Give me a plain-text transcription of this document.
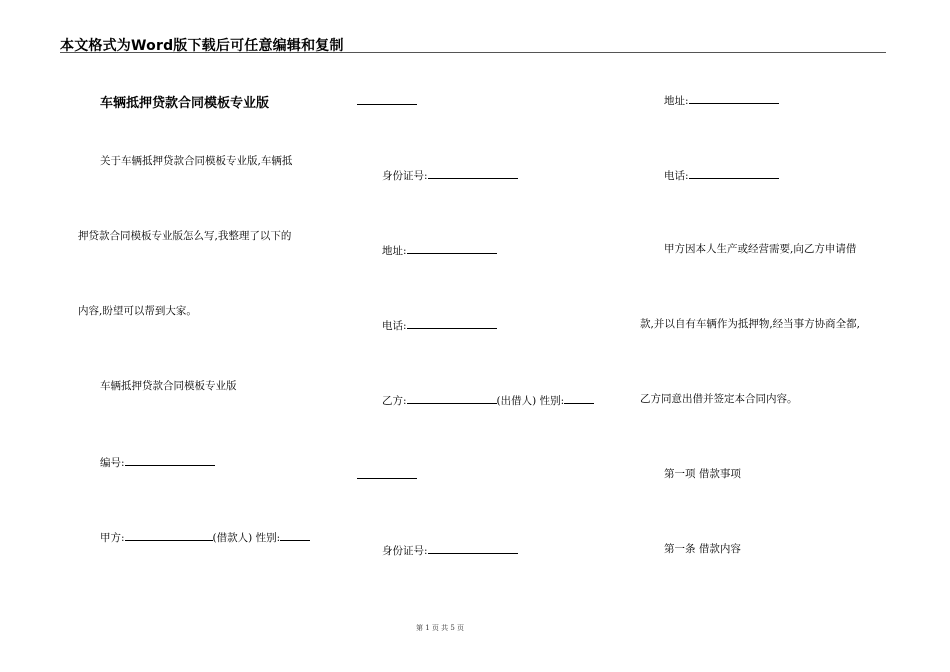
本文格式为Word版下载后可任意编辑和复制
车辆抵押贷款合同模板专业版
关于车辆抵押贷款合同模板专业版,车辆抵
押贷款合同模板专业版怎么写,我整理了以下的
内容,盼望可以帮到大家。
车辆抵押贷款合同模板专业版
编号:
甲方:	(借款人) 性别:
身份证号:
地址:
电话:
乙方:	(出借人) 性别:
身份证号:
地址:
电话:
甲方因本人生产或经营需要,向乙方申请借
款,并以自有车辆作为抵押物,经当事方协商全都,
乙方同意出借并签定本合同内容。
第一项 借款事项
第一条 借款内容
第 1 页 共 5 页
